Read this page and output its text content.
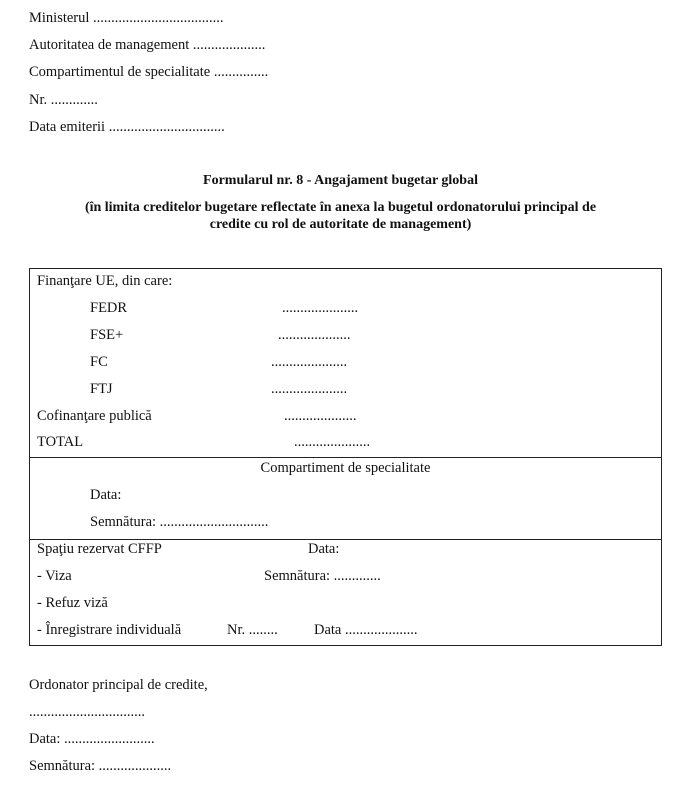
Ministerul ....................................
Autoritatea de management ....................
Compartimentul de specialitate ...............
Nr. .............
Data emiterii ................................
Formularul nr. 8 - Angajament bugetar global
(în limita creditelor bugetare reflectate în anexa la bugetul ordonatorului principal de
credite cu rol de autoritate de management)
Finanţare UE, din care:
FEDR	.....................
FSE+	....................
FC	.....................
FTJ	.....................
Cofinanţare publică	....................
TOTAL	.....................
Compartiment de specialitate
Data:
Semnătura: ..............................
Spaţiu rezervat CFFP	Data:
- Viza	Semnătura: .............
- Refuz viză
- Înregistrare individuală	Nr. ........	Data ....................
Ordonator principal de credite,
................................
Data: .........................
Semnătura: ....................
